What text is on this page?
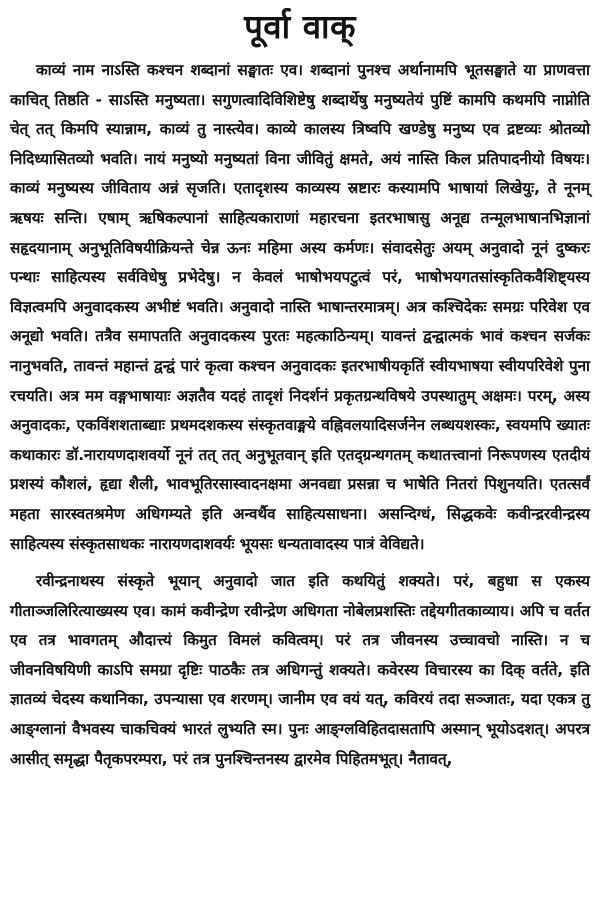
पूर्वा वाक्

काव्यं नाम नाऽस्ति कश्चन शब्दानां सङ्घातः एव। शब्दानां पुनश्च अर्थानामपि भूतसङ्घाते या प्राणवत्ता काचित् तिष्ठति - साऽस्ति मनुष्यता। सगुणत्वादिविशिष्टेषु शब्दार्थेषु मनुष्यतेयं पुष्टिं कामपि कथमपि नाप्नोति चेत् तत् किमपि स्यान्नाम, काव्यं तु नास्त्येव। काव्ये कालस्य त्रिष्वपि खण्डेषु मनुष्य एव द्रष्टव्यः श्रोतव्यो निदिध्यासितव्यो भवति। नायं मनुष्यो मनुष्यतां विना जीवितुं क्षमते, अयं नास्ति किल प्रतिपादनीयो विषयः। काव्यं मनुष्यस्य जीविताय अन्नं सृजति। एतादृशस्य काव्यस्य स्रष्टारः कस्यामपि भाषायां लिखेयुः, ते नूनम् ऋषयः सन्ति। एषाम् ऋषिकल्पानां साहित्यकाराणां महारचना इतरभाषासु अनूद्य तन्मूलभाषानभिज्ञानां सहृदयानाम् अनुभूतिविषयीक्रियन्ते चेन्न ऊनः महिमा अस्य कर्मणः। संवादसेतुः अयम् अनुवादो नूनं दुष्करः पन्थाः साहित्यस्य सर्वविधेषु प्रभेदेषु। न केवलं भाषोभयपटुत्वं परं, भाषोभयगतसांस्कृतिकवैशिष्ट्यस्य विज्ञत्वमपि अनुवादकस्य अभीष्टं भवति। अनुवादो नास्ति भाषान्तरमात्रम्। अत्र कश्चिदेकः समग्रः परिवेश एव अनूद्यो भवति। तत्रैव समापतति अनुवादकस्य पुरतः महत्काठिन्यम्। यावन्तं द्वन्द्वात्मकं भावं कश्चन सर्जकः नानुभवति, तावन्तं महान्तं द्वन्द्वं पारं कृत्वा कश्चन अनुवादकः इतरभाषीयकृतिं स्वीयभाषया स्वीयपरिवेशे पुना रचयति। अत्र मम वङ्गभाषायाः अज्ञतैव यदहं तादृशं निदर्शनं प्रकृतग्रन्थविषये उपस्थातुम् अक्षमः। परम्, अस्य अनुवादकः, एकविंशशताब्द्याः प्रथमदशकस्य संस्कृतवाङ्मये वह्निवलयादिसर्जनेन लब्धयशस्कः, स्वयमपि ख्यातः कथाकारः डॉ.नारायणदाशवर्यो नूनं तत् तत् अनुभूतवान् इति एतद्ग्रन्थगतम् कथातत्त्वानां निरूपणस्य एतदीयं प्रशस्यं कौशलं, हृद्या शैली, भावभूतिरसास्वादनक्षमा अनवद्या प्रसन्ना च भाषेति नितरां पिशुनयति। एतत्सर्वं महता सारस्वतश्रमेण अधिगम्यते इति अन्वर्थैव साहित्यसाधना। असन्दिग्धं, सिद्धकवेः कवीन्द्ररवीन्द्रस्य साहित्यस्य संस्कृतसाधकः नारायणदाशवर्यः भूयसः धन्यतावादस्य पात्रं वेविद्यते।

रवीन्द्रनाथस्य संस्कृते भूयान् अनुवादो जात इति कथयितुं शक्यते। परं, बहुधा स एकस्य गीताञ्जलिरित्याख्यस्य एव। कामं कवीन्द्रेण रवीन्द्रेण अधिगता नोबेलप्रशस्तिः तद्देयगीतकाव्याय। अपि च वर्तत एव तत्र भावगतम् औदात्त्यं किमुत विमलं कवित्वम्। परं तत्र जीवनस्य उच्चावचो नास्ति। न च जीवनविषयिणी काऽपि समग्रा दृष्टिः पाठकैः तत्र अधिगन्तुं शक्यते। कवेरस्य विचारस्य का दिक् वर्तते, इति ज्ञातव्यं चेदस्य कथानिका, उपन्यासा एव शरणम्। जानीम एव वयं यत्, कविरयं तदा सञ्जातः, यदा एकत्र तु आङ्ग्लानां वैभवस्य चाकचिक्यं भारतं लुभ्यति स्म। पुनः आङ्ग्लविहितदासतापि अस्मान् भूयोऽदशत्। अपरत्र आसीत् समृद्धा पैतृकपरम्परा, परं तत्र पुनश्चिन्तनस्य द्वारमेव पिहितमभूत्। नैतावत्,
